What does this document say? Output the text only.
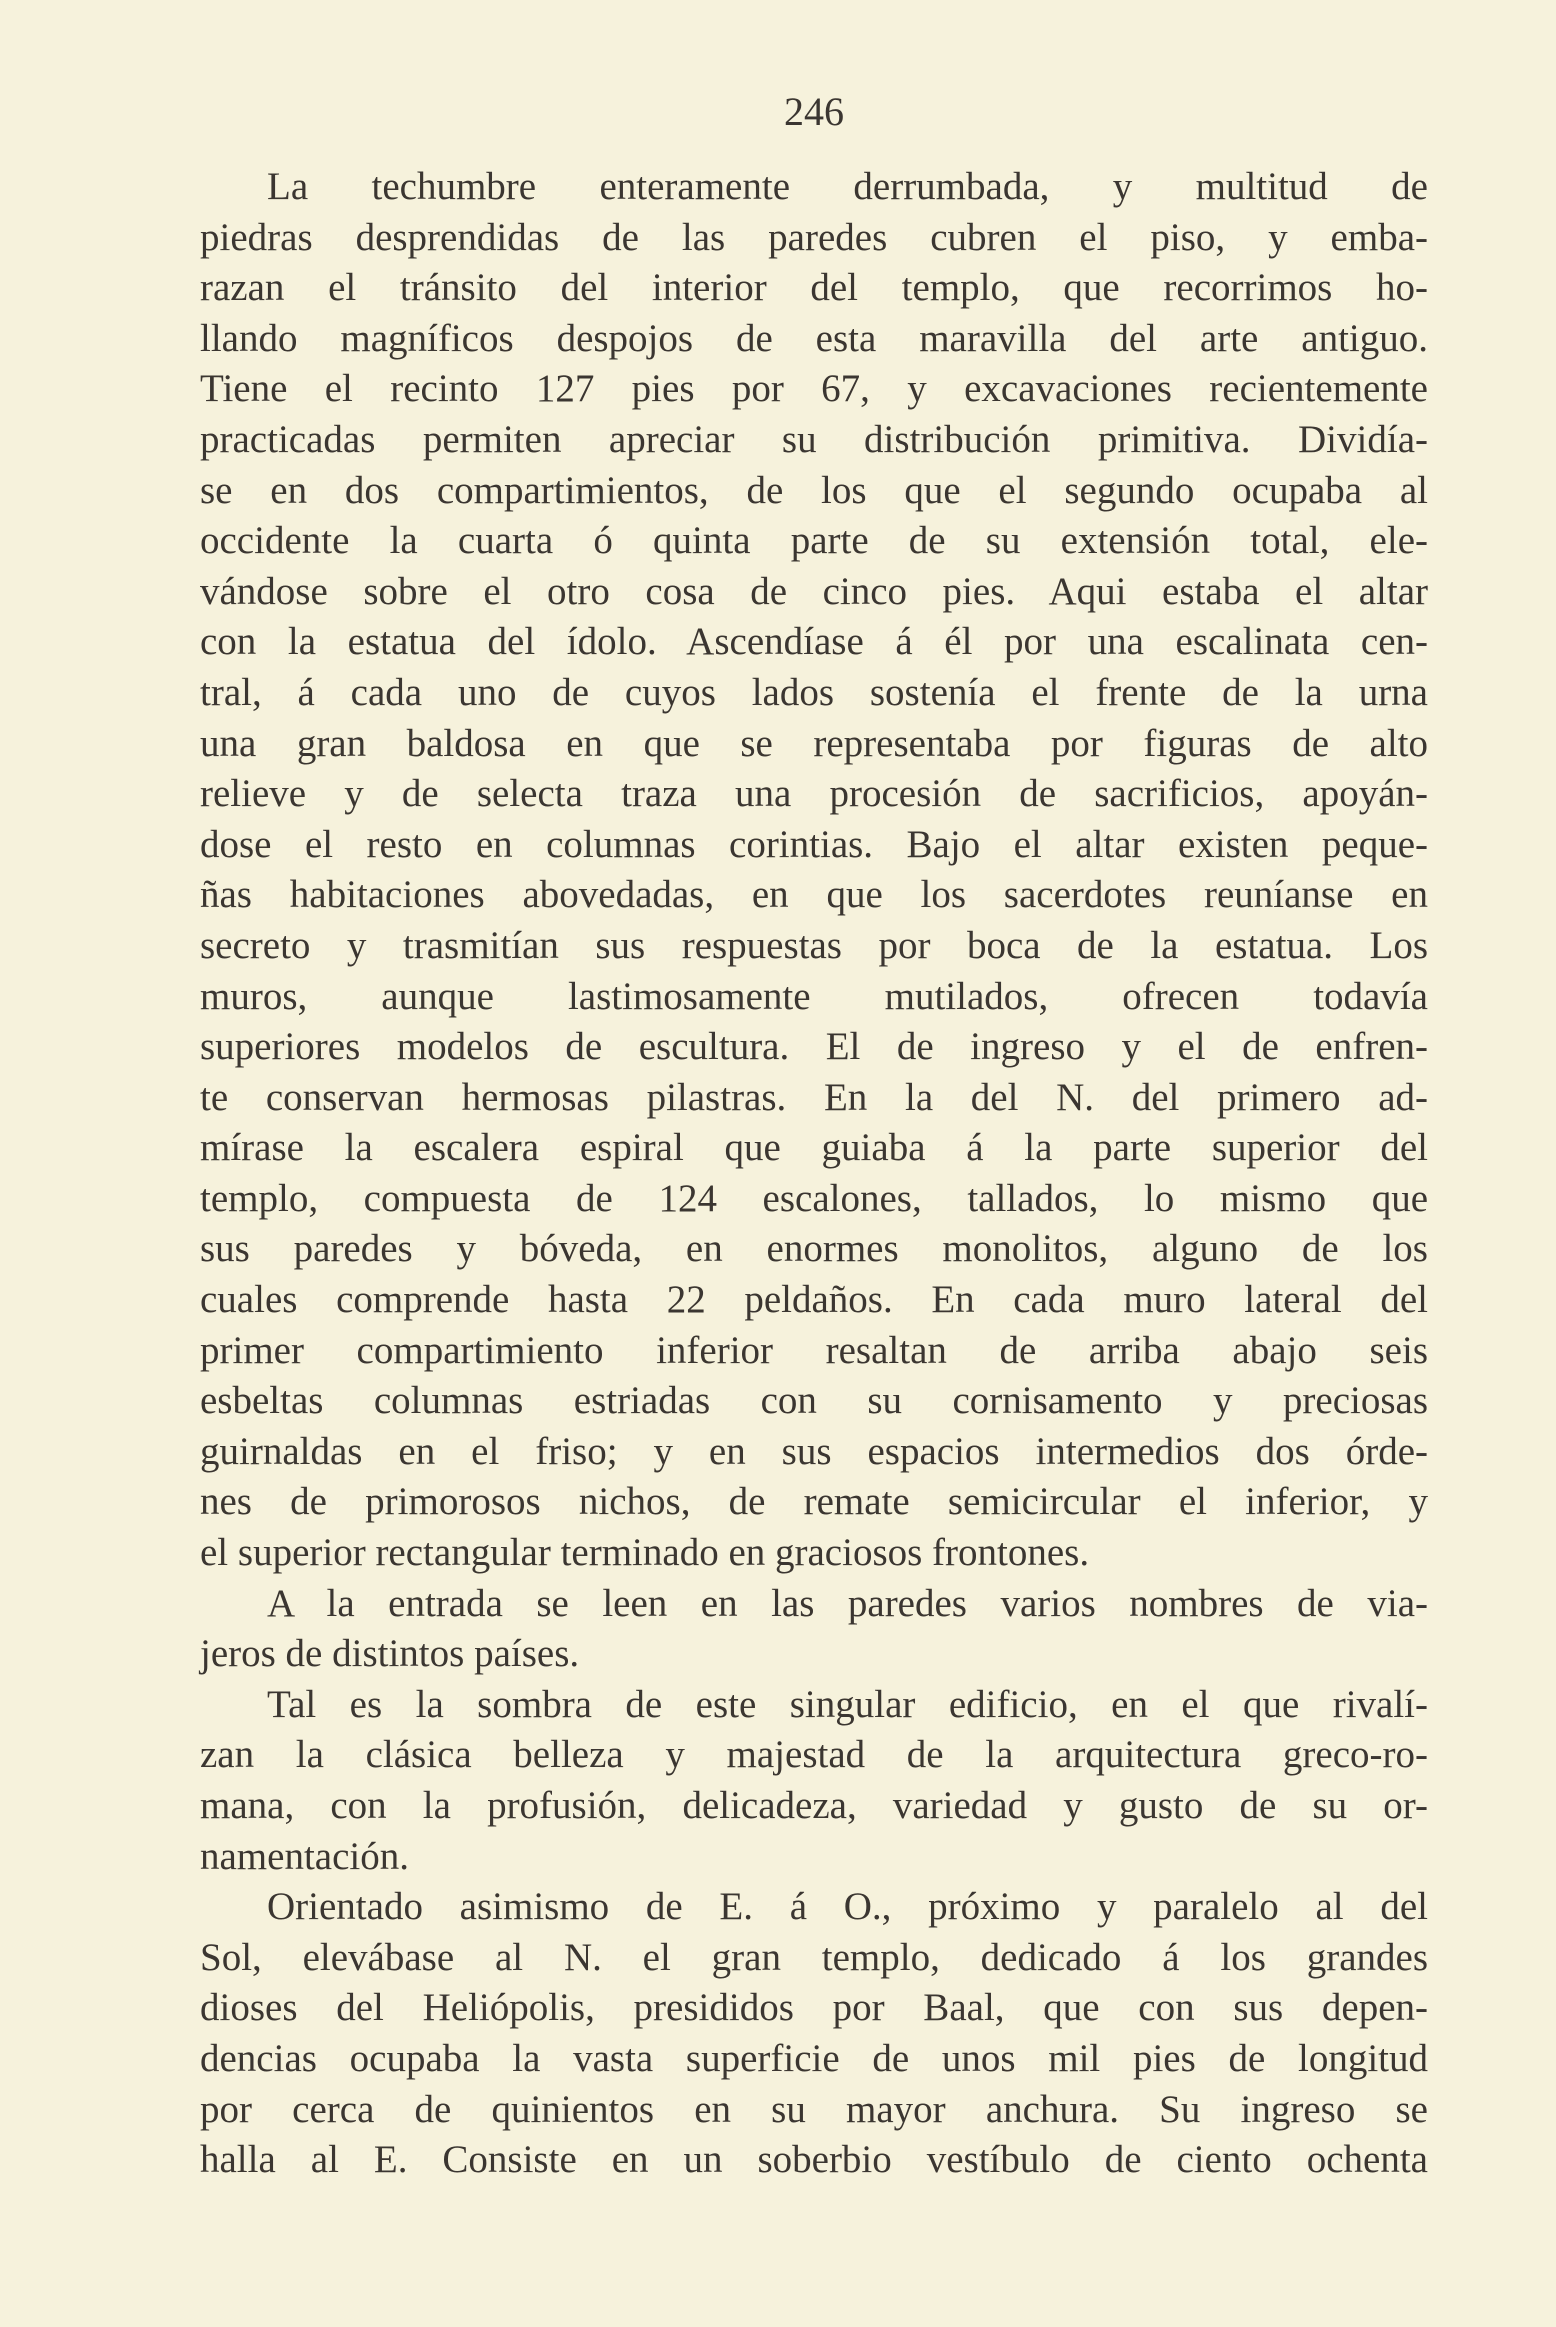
246
La techumbre enteramente derrumbada, y multitud de
piedras desprendidas de las paredes cubren el piso, y emba-
razan el tránsito del interior del templo, que recorrimos ho-
llando magníficos despojos de esta maravilla del arte antiguo.
Tiene el recinto 127 pies por 67, y excavaciones recientemente
practicadas permiten apreciar su distribución primitiva. Dividía-
se en dos compartimientos, de los que el segundo ocupaba al
occidente la cuarta ó quinta parte de su extensión total, ele-
vándose sobre el otro cosa de cinco pies. Aqui estaba el altar
con la estatua del ídolo. Ascendíase á él por una escalinata cen-
tral, á cada uno de cuyos lados sostenía el frente de la urna
una gran baldosa en que se representaba por figuras de alto
relieve y de selecta traza una procesión de sacrificios, apoyán-
dose el resto en columnas corintias. Bajo el altar existen peque-
ñas habitaciones abovedadas, en que los sacerdotes reuníanse en
secreto y trasmitían sus respuestas por boca de la estatua. Los
muros, aunque lastimosamente mutilados, ofrecen todavía
superiores modelos de escultura. El de ingreso y el de enfren-
te conservan hermosas pilastras. En la del N. del primero ad-
mírase la escalera espiral que guiaba á la parte superior del
templo, compuesta de 124 escalones, tallados, lo mismo que
sus paredes y bóveda, en enormes monolitos, alguno de los
cuales comprende hasta 22 peldaños. En cada muro lateral del
primer compartimiento inferior resaltan de arriba abajo seis
esbeltas columnas estriadas con su cornisamento y preciosas
guirnaldas en el friso; y en sus espacios intermedios dos órde-
nes de primorosos nichos, de remate semicircular el inferior, y
el superior rectangular terminado en graciosos frontones.
A la entrada se leen en las paredes varios nombres de via-
jeros de distintos países.
Tal es la sombra de este singular edificio, en el que rivalí-
zan la clásica belleza y majestad de la arquitectura greco-ro-
mana, con la profusión, delicadeza, variedad y gusto de su or-
namentación.
Orientado asimismo de E. á O., próximo y paralelo al del
Sol, elevábase al N. el gran templo, dedicado á los grandes
dioses del Heliópolis, presididos por Baal, que con sus depen-
dencias ocupaba la vasta superficie de unos mil pies de longitud
por cerca de quinientos en su mayor anchura. Su ingreso se
halla al E. Consiste en un soberbio vestíbulo de ciento ochenta
